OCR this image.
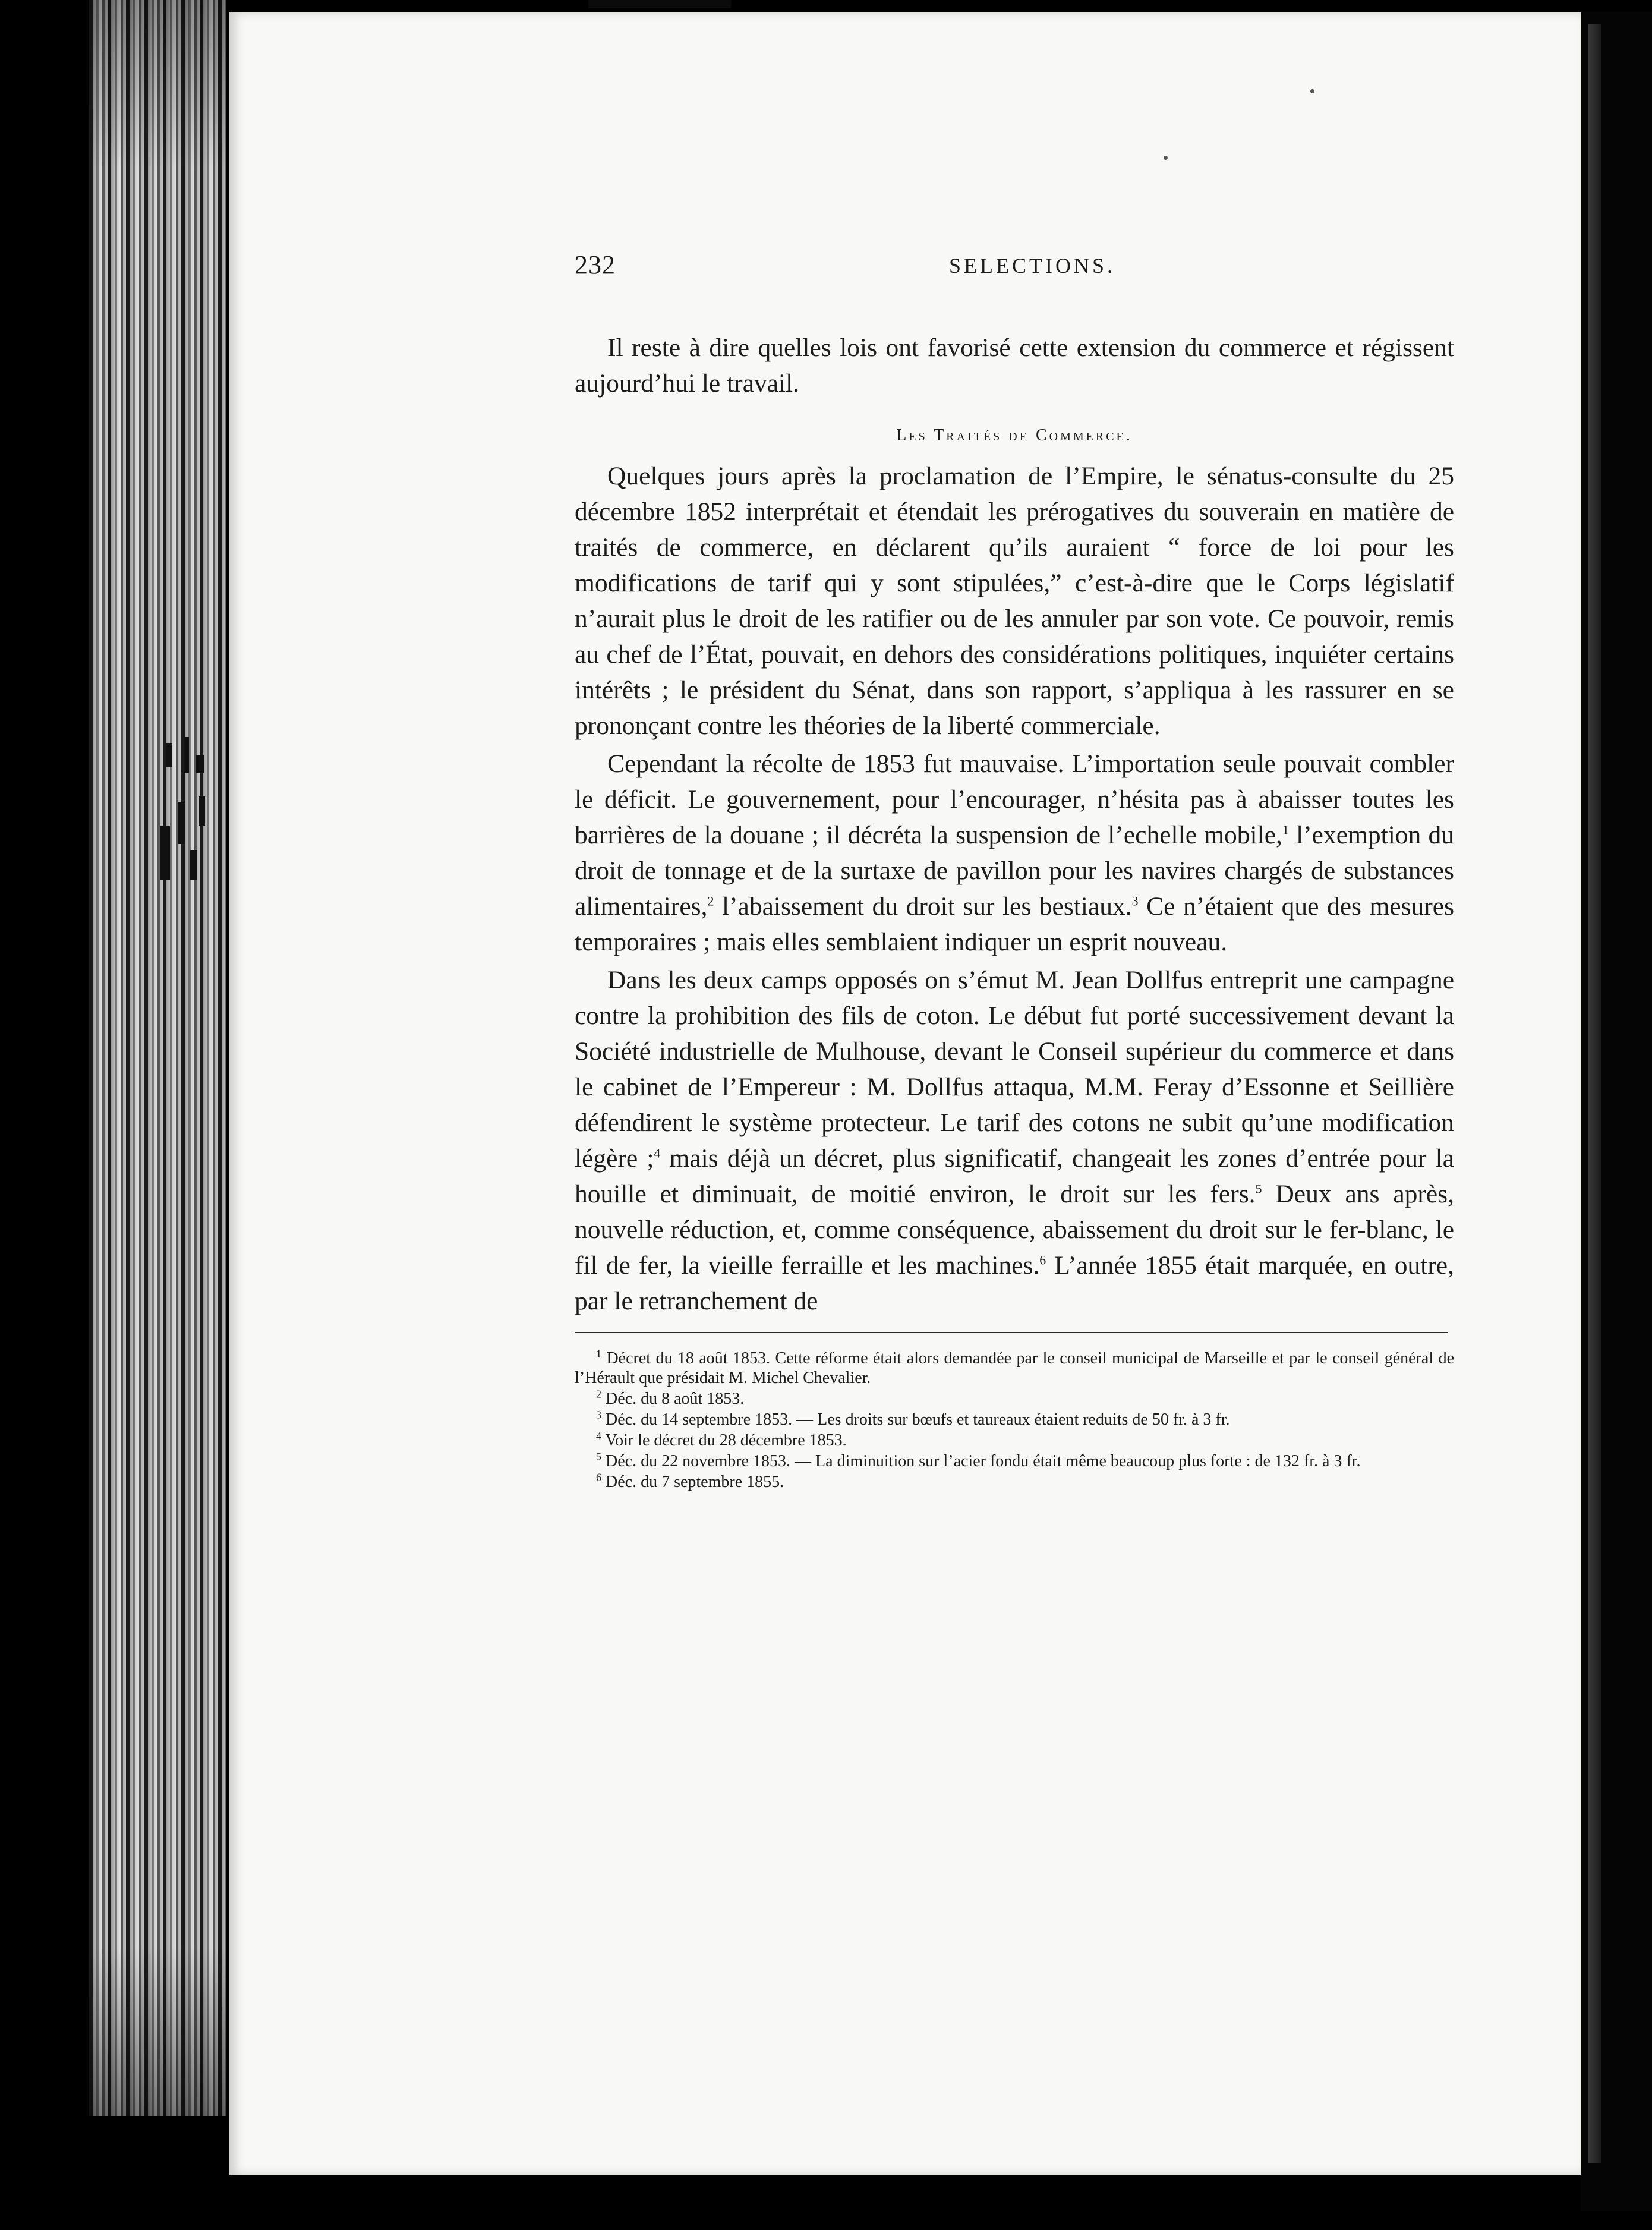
232	SELECTIONS.

Il reste à dire quelles lois ont favorisé cette extension du commerce et régissent aujourd’hui le travail.

Les Traités de Commerce.

Quelques jours après la proclamation de l’Empire, le sénatus-consulte du 25 décembre 1852 interprétait et étendait les prérogatives du souverain en matière de traités de commerce, en déclarent qu’ils auraient “ force de loi pour les modifications de tarif qui y sont stipulées,” c’est-à-dire que le Corps législatif n’aurait plus le droit de les ratifier ou de les annuler par son vote. Ce pouvoir, remis au chef de l’État, pouvait, en dehors des considérations politiques, inquiéter certains intérêts ; le président du Sénat, dans son rapport, s’appliqua à les rassurer en se prononçant contre les théories de la liberté commerciale.

Cependant la récolte de 1853 fut mauvaise. L’importation seule pouvait combler le déficit. Le gouvernement, pour l’encourager, n’hésita pas à abaisser toutes les barrières de la douane ; il décréta la suspension de l’echelle mobile,$^1$ l’exemption du droit de tonnage et de la surtaxe de pavillon pour les navires chargés de substances alimentaires,$^2$ l’abaissement du droit sur les bestiaux.$^3$ Ce n’étaient que des mesures temporaires ; mais elles semblaient indiquer un esprit nouveau.

Dans les deux camps opposés on s’émut M. Jean Dollfus entreprit une campagne contre la prohibition des fils de coton. Le début fut porté successivement devant la Société industrielle de Mulhouse, devant le Conseil supérieur du commerce et dans le cabinet de l’Empereur : M. Dollfus attaqua, M.M. Feray d’Essonne et Seillière défendirent le système protecteur. Le tarif des cotons ne subit qu’une modification légère ;$^4$ mais déjà un décret, plus significatif, changeait les zones d’entrée pour la houille et diminuait, de moitié environ, le droit sur les fers.$^5$ Deux ans après, nouvelle réduction, et, comme conséquence, abaissement du droit sur le fer-blanc, le fil de fer, la vieille ferraille et les machines.$^6$ L’année 1855 était marquée, en outre, par le retranchement de

$^1$ Décret du 18 août 1853. Cette réforme était alors demandée par le conseil municipal de Marseille et par le conseil général de l’Hérault que présidait M. Michel Chevalier.

$^2$ Déc. du 8 août 1853.

$^3$ Déc. du 14 septembre 1853. — Les droits sur bœufs et taureaux étaient reduits de 50 fr. à 3 fr.

$^4$ Voir le décret du 28 décembre 1853.

$^5$ Déc. du 22 novembre 1853. — La diminuition sur l’acier fondu était même beaucoup plus forte : de 132 fr. à 3 fr.

$^6$ Déc. du 7 septembre 1855.
